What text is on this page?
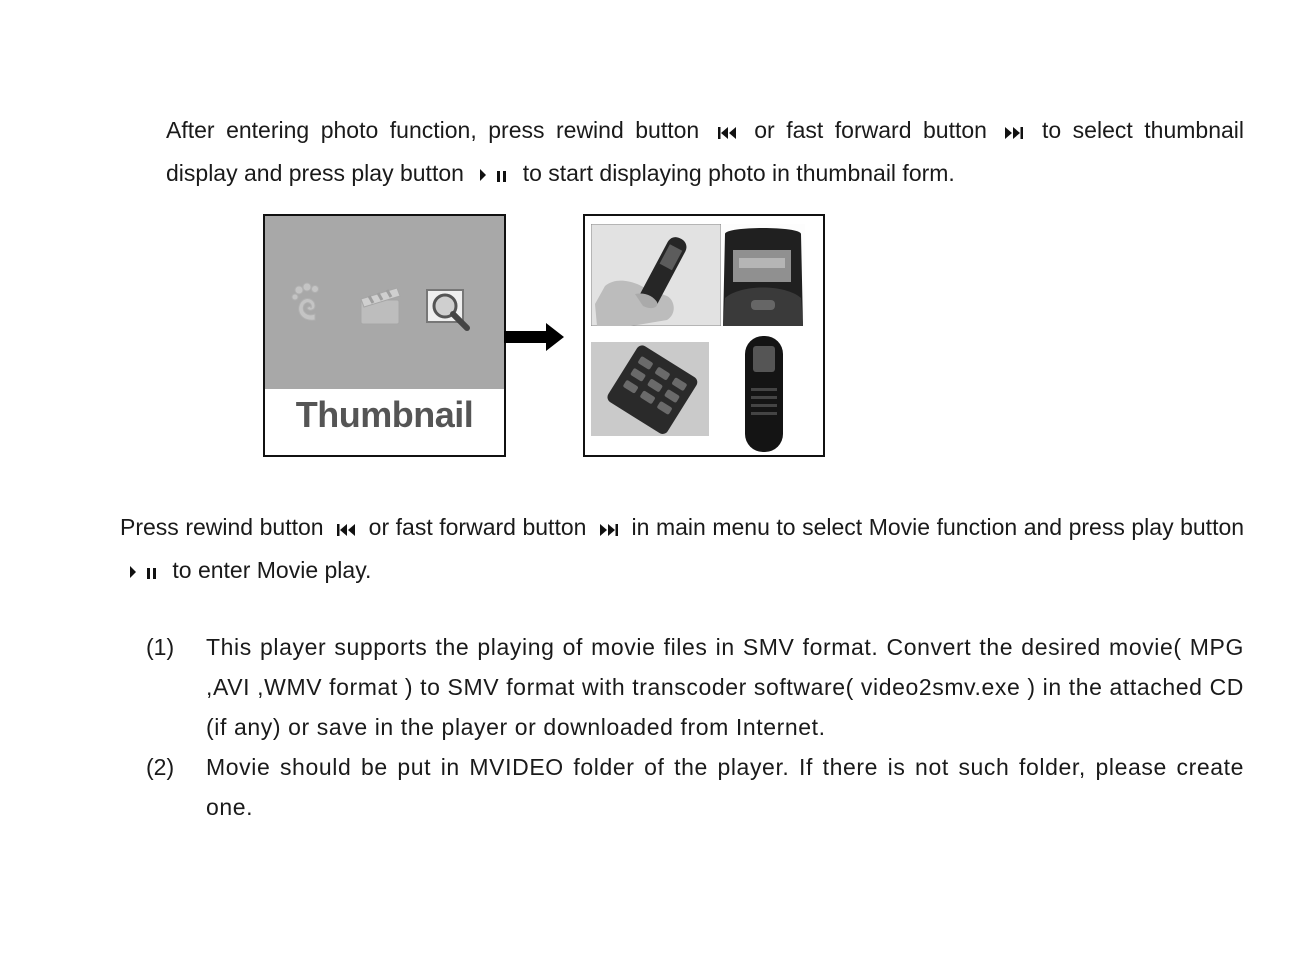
After entering photo function, press rewind button or fast forward button to select thumbnail display and press play button	to start displaying photo in thumbnail form.
Thumbnail
Press rewind button or fast forward button in main menu to select Movie function and press play button  to enter Movie play.
(1) This player supports the playing of movie files in SMV format. Convert the desired movie( MPG ,AVI ,WMV format ) to SMV format with transcoder software( video2smv.exe ) in the attached CD (if any) or save in the player or downloaded from Internet.
(2) Movie should be put in MVIDEO folder of the player. If there is not such folder, please create one.
